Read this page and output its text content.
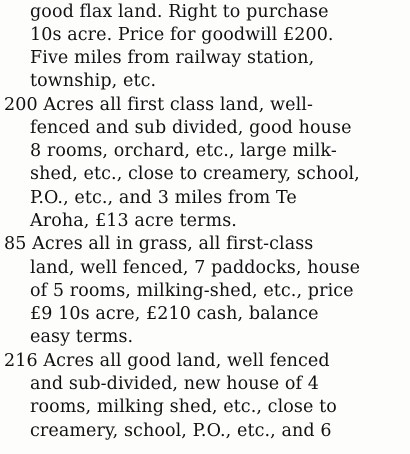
good flax land. Right to purchase
10s acre. Price for goodwill £200.
Five miles from railway station,
township, etc.
200 Acres all first class land, well-
fenced and sub divided, good house
8 rooms, orchard, etc., large milk-
shed, etc., close to creamery, school,
P.O., etc., and 3 miles from Te
Aroha, £13 acre terms.
85 Acres all in grass, all first-class
land, well fenced, 7 paddocks, house
of 5 rooms, milking-shed, etc., price
£9 10s acre, £210 cash, balance
easy terms.
216 Acres all good land, well fenced
and sub-divided, new house of 4
rooms, milking shed, etc., close to
creamery, school, P.O., etc., and 6
